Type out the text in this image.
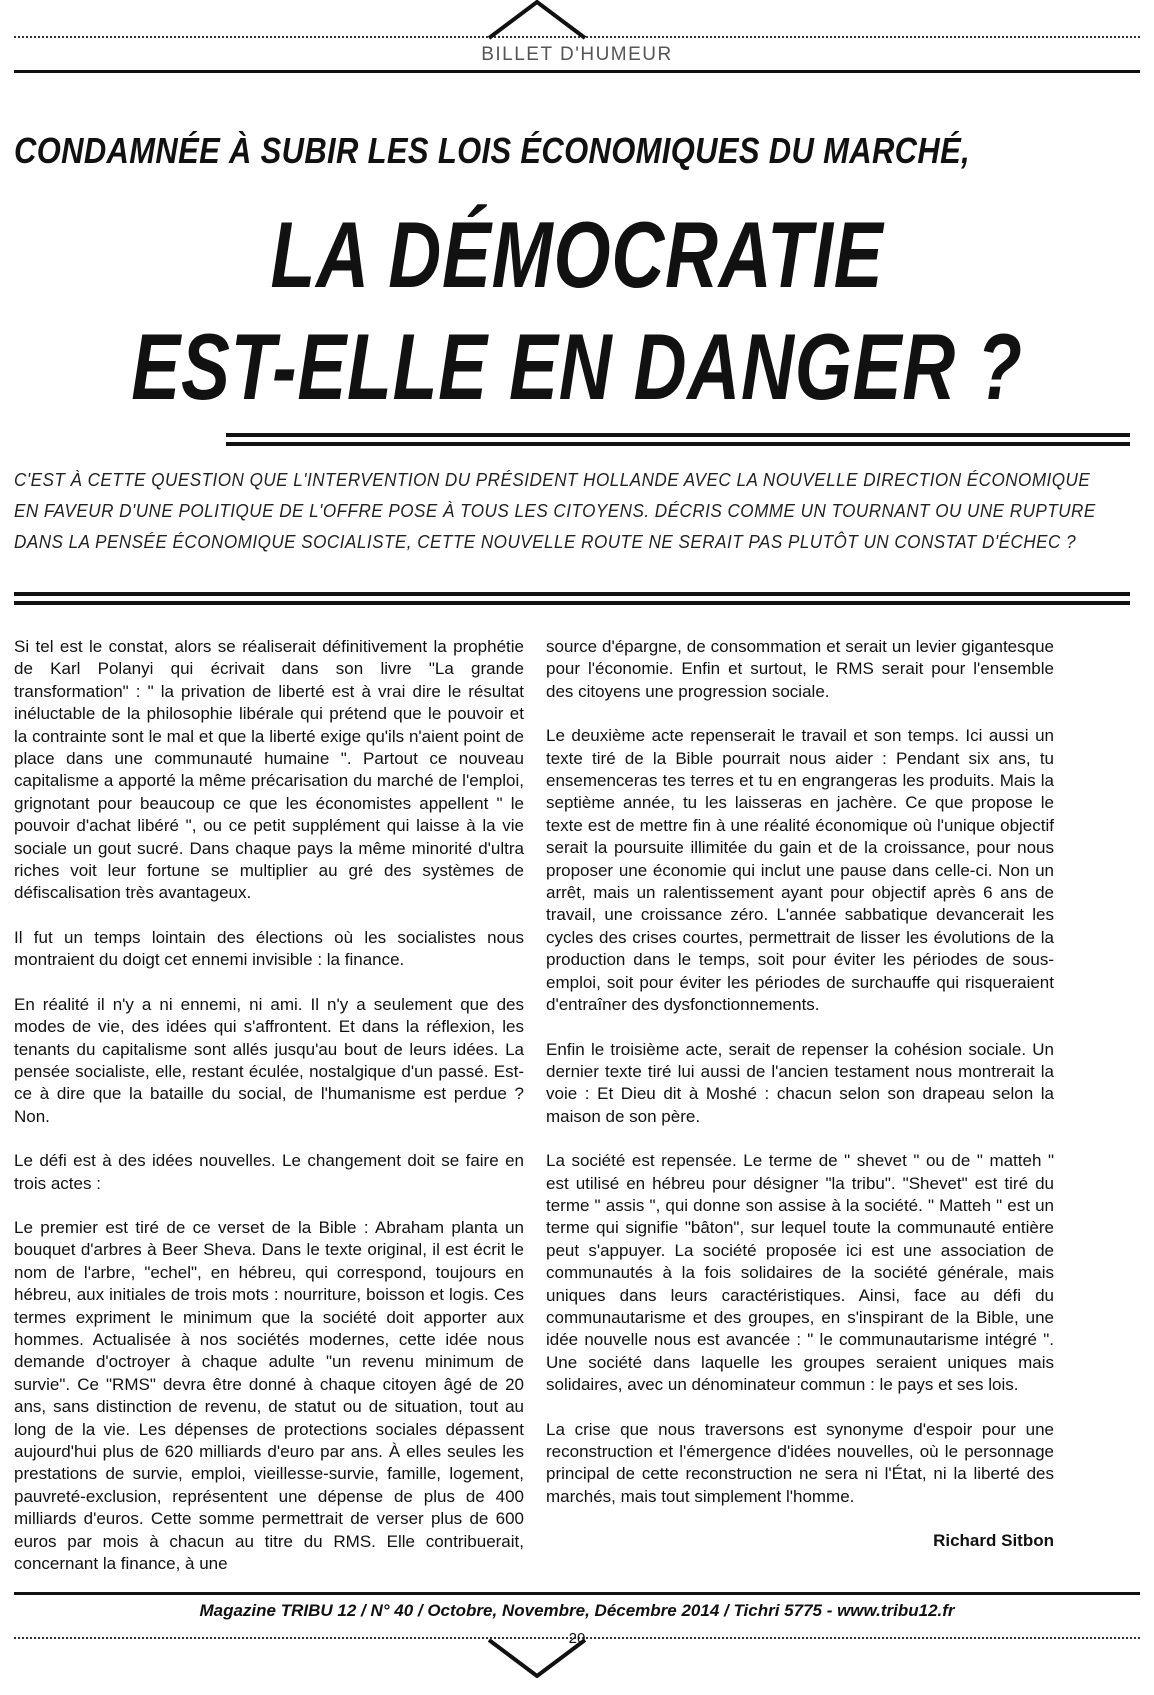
BILLET D'HUMEUR
CONDAMNÉE À SUBIR LES LOIS ÉCONOMIQUES DU MARCHÉ,
LA DÉMOCRATIE
EST-ELLE EN DANGER ?
C'EST À CETTE QUESTION QUE L'INTERVENTION DU PRÉSIDENT HOLLANDE AVEC LA NOUVELLE DIRECTION ÉCONOMIQUE
EN FAVEUR D'UNE POLITIQUE DE L'OFFRE POSE À TOUS LES CITOYENS. DÉCRIS COMME UN TOURNANT OU UNE RUPTURE
DANS LA PENSÉE ÉCONOMIQUE SOCIALISTE, CETTE NOUVELLE ROUTE NE SERAIT PAS PLUTÔT UN CONSTAT D'ÉCHEC ?

Si tel est le constat, alors se réaliserait définitivement la prophétie de Karl Polanyi qui écrivait dans son livre "La grande transformation" : " la privation de liberté est à vrai dire le résultat inéluctable de la philosophie libérale qui prétend que le pouvoir et la contrainte sont le mal et que la liberté exige qu'ils n'aient point de place dans une communauté humaine ". Partout ce nouveau capitalisme a apporté la même précarisation du marché de l'emploi, grignotant pour beaucoup ce que les économistes appellent " le pouvoir d'achat libéré ", ou ce petit supplément qui laisse à la vie sociale un gout sucré. Dans chaque pays la même minorité d'ultra riches voit leur fortune se multiplier au gré des systèmes de défiscalisation très avantageux.

Il fut un temps lointain des élections où les socialistes nous montraient du doigt cet ennemi invisible : la finance.

En réalité il n'y a ni ennemi, ni ami. Il n'y a seulement que des modes de vie, des idées qui s'affrontent. Et dans la réflexion, les tenants du capitalisme sont allés jusqu'au bout de leurs idées. La pensée socialiste, elle, restant éculée, nostalgique d'un passé. Est-ce à dire que la bataille du social, de l'humanisme est perdue ? Non.

Le défi est à des idées nouvelles. Le changement doit se faire en trois actes :

Le premier est tiré de ce verset de la Bible : Abraham planta un bouquet d'arbres à Beer Sheva. Dans le texte original, il est écrit le nom de l'arbre, "echel", en hébreu, qui correspond, toujours en hébreu, aux initiales de trois mots : nourriture, boisson et logis. Ces termes expriment le minimum que la société doit apporter aux hommes. Actualisée à nos sociétés modernes, cette idée nous demande d'octroyer à chaque adulte "un revenu minimum de survie". Ce "RMS" devra être donné à chaque citoyen âgé de 20 ans, sans distinction de revenu, de statut ou de situation, tout au long de la vie. Les dépenses de protections sociales dépassent aujourd'hui plus de 620 milliards d'euro par ans. À elles seules les prestations de survie, emploi, vieillesse-survie, famille, logement, pauvreté-exclusion, représentent une dépense de plus de 400 milliards d'euros. Cette somme permettrait de verser plus de 600 euros par mois à chacun au titre du RMS. Elle contribuerait, concernant la finance, à une

source d'épargne, de consommation et serait un levier gigantesque pour l'économie. Enfin et surtout, le RMS serait pour l'ensemble des citoyens une progression sociale.

Le deuxième acte repenserait le travail et son temps. Ici aussi un texte tiré de la Bible pourrait nous aider : Pendant six ans, tu ensemenceras tes terres et tu en engrangeras les produits. Mais la septième année, tu les laisseras en jachère. Ce que propose le texte est de mettre fin à une réalité économique où l'unique objectif serait la poursuite illimitée du gain et de la croissance, pour nous proposer une économie qui inclut une pause dans celle-ci. Non un arrêt, mais un ralentissement ayant pour objectif après 6 ans de travail, une croissance zéro. L'année sabbatique devancerait les cycles des crises courtes, permettrait de lisser les évolutions de la production dans le temps, soit pour éviter les périodes de sous-emploi, soit pour éviter les périodes de surchauffe qui risqueraient d'entraîner des dysfonctionnements.

Enfin le troisième acte, serait de repenser la cohésion sociale. Un dernier texte tiré lui aussi de l'ancien testament nous montrerait la voie : Et Dieu dit à Moshé : chacun selon son drapeau selon la maison de son père.

La société est repensée. Le terme de " shevet " ou de " matteh " est utilisé en hébreu pour désigner "la tribu". "Shevet" est tiré du terme " assis ", qui donne son assise à la société. " Matteh " est un terme qui signifie "bâton", sur lequel toute la communauté entière peut s'appuyer. La société proposée ici est une association de communautés à la fois solidaires de la société générale, mais uniques dans leurs caractéristiques. Ainsi, face au défi du communautarisme et des groupes, en s'inspirant de la Bible, une idée nouvelle nous est avancée : " le communautarisme intégré ". Une société dans laquelle les groupes seraient uniques mais solidaires, avec un dénominateur commun : le pays et ses lois.

La crise que nous traversons est synonyme d'espoir pour une reconstruction et l'émergence d'idées nouvelles, où le personnage principal de cette reconstruction ne sera ni l'État, ni la liberté des marchés, mais tout simplement l'homme.

Richard Sitbon
Magazine TRIBU 12 / N° 40 / Octobre, Novembre, Décembre 2014 / Tichri 5775 - www.tribu12.fr
20
